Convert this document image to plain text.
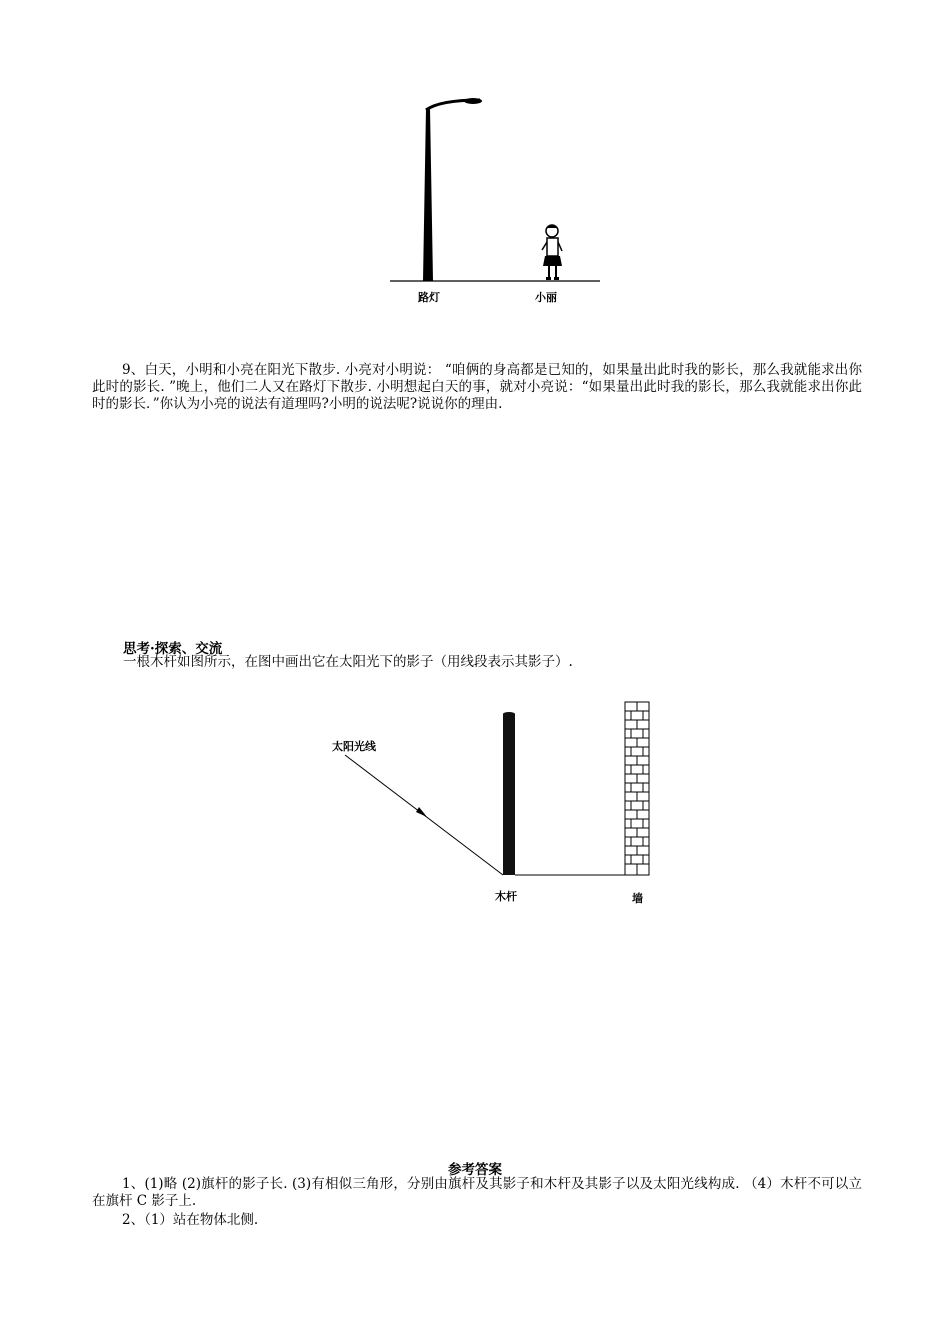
路灯	小丽
9、白天，小明和小亮在阳光下散步. 小亮对小明说： “咱俩的身高都是已知的，如果量出此时我的影长，那么我就能求出你此时的影长. ”晚上，他们二人又在路灯下散步. 小明想起白天的事，就对小亮说：“如果量出此时我的影长，那么我就能求出你此时的影长．”你认为小亮的说法有道理吗?小明的说法呢?说说你的理由.
思考·探索、交流
一根木杆如图所示，在图中画出它在太阳光下的影子（用线段表示其影子）.
太阳光线
木杆	墙
参考答案
1、(1)略 (2)旗杆的影子长. (3)有相似三角形，分别由旗杆及其影子和木杆及其影子以及太阳光线构成. （4）木杆不可以立在旗杆 C 影子上.
2、（1）站在物体北侧.
